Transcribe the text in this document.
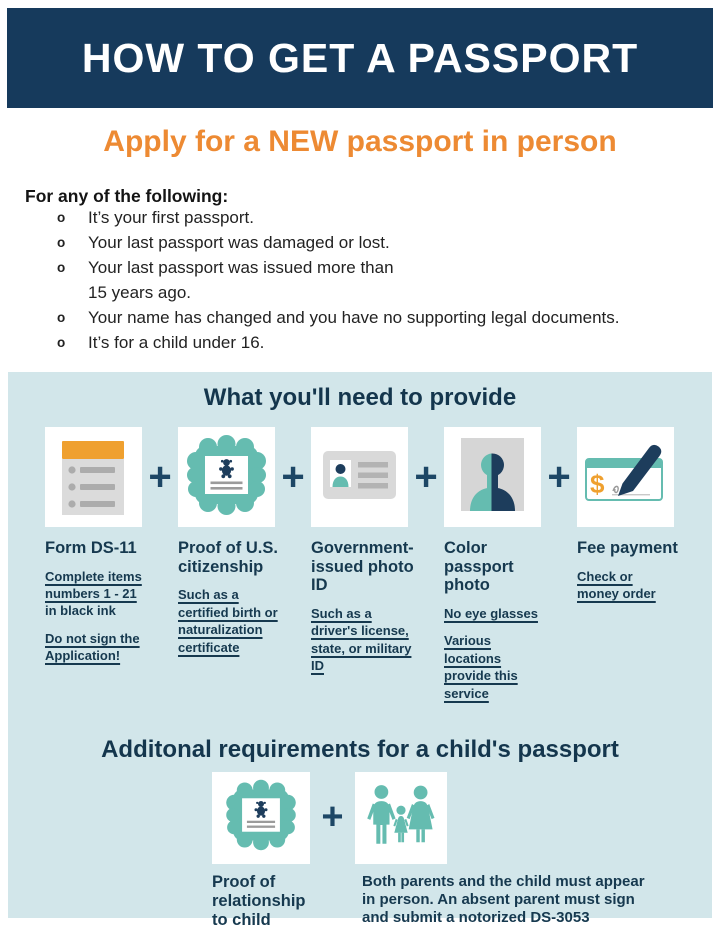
HOW TO GET A PASSPORT
Apply for a NEW passport in person
For any of the following:
o	It’s your first passport.
o	Your last passport was damaged or lost.
o	Your last passport was issued more than
15 years ago.
o	Your name has changed and you have no supporting legal documents.
o	It’s for a child under 16.
What you'll need to provide
+	+	+	+ $
Form DS-11
Complete items
numbers 1 - 21
in black ink
Do not sign the
Application!
Proof of U.S.
citizenship
Such as a
certified birth or
naturalization
certificate
Government-
issued photo
ID
Such as a
driver's license,
state, or military
ID
Color
passport
photo
No eye glasses
Various
locations
provide this
service
Fee payment
Check or
money order
Additonal requirements for a child's passport
+
Proof of
relationship
to child
Both parents and the child must appear
in person. An absent parent must sign
and submit a notorized DS-3053
